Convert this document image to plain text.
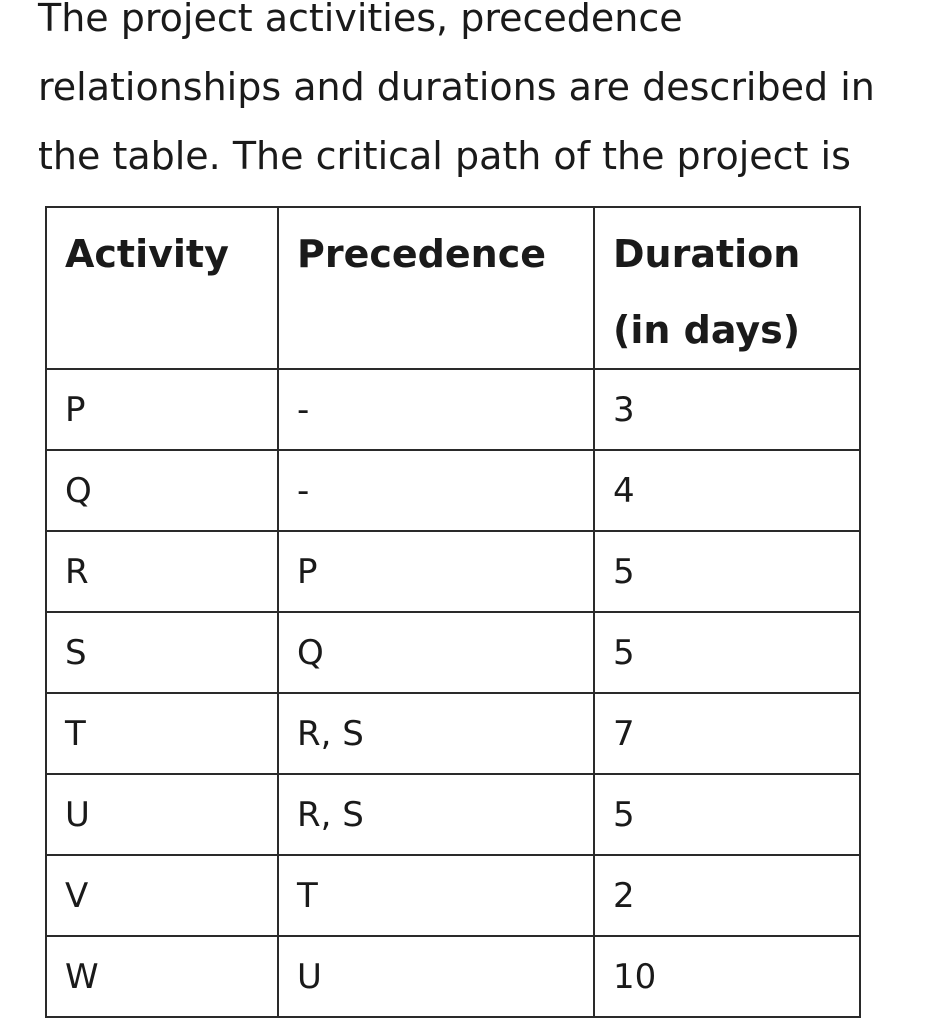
The project activities, precedence
relationships and durations are described in
the table. The critical path of the project is
Activity	Precedence	Duration
(in days)

P	-	3
Q	-	4
R	P	5
S	Q	5
T	R, S	7
U	R, S	5
V	T	2
W	U	10
